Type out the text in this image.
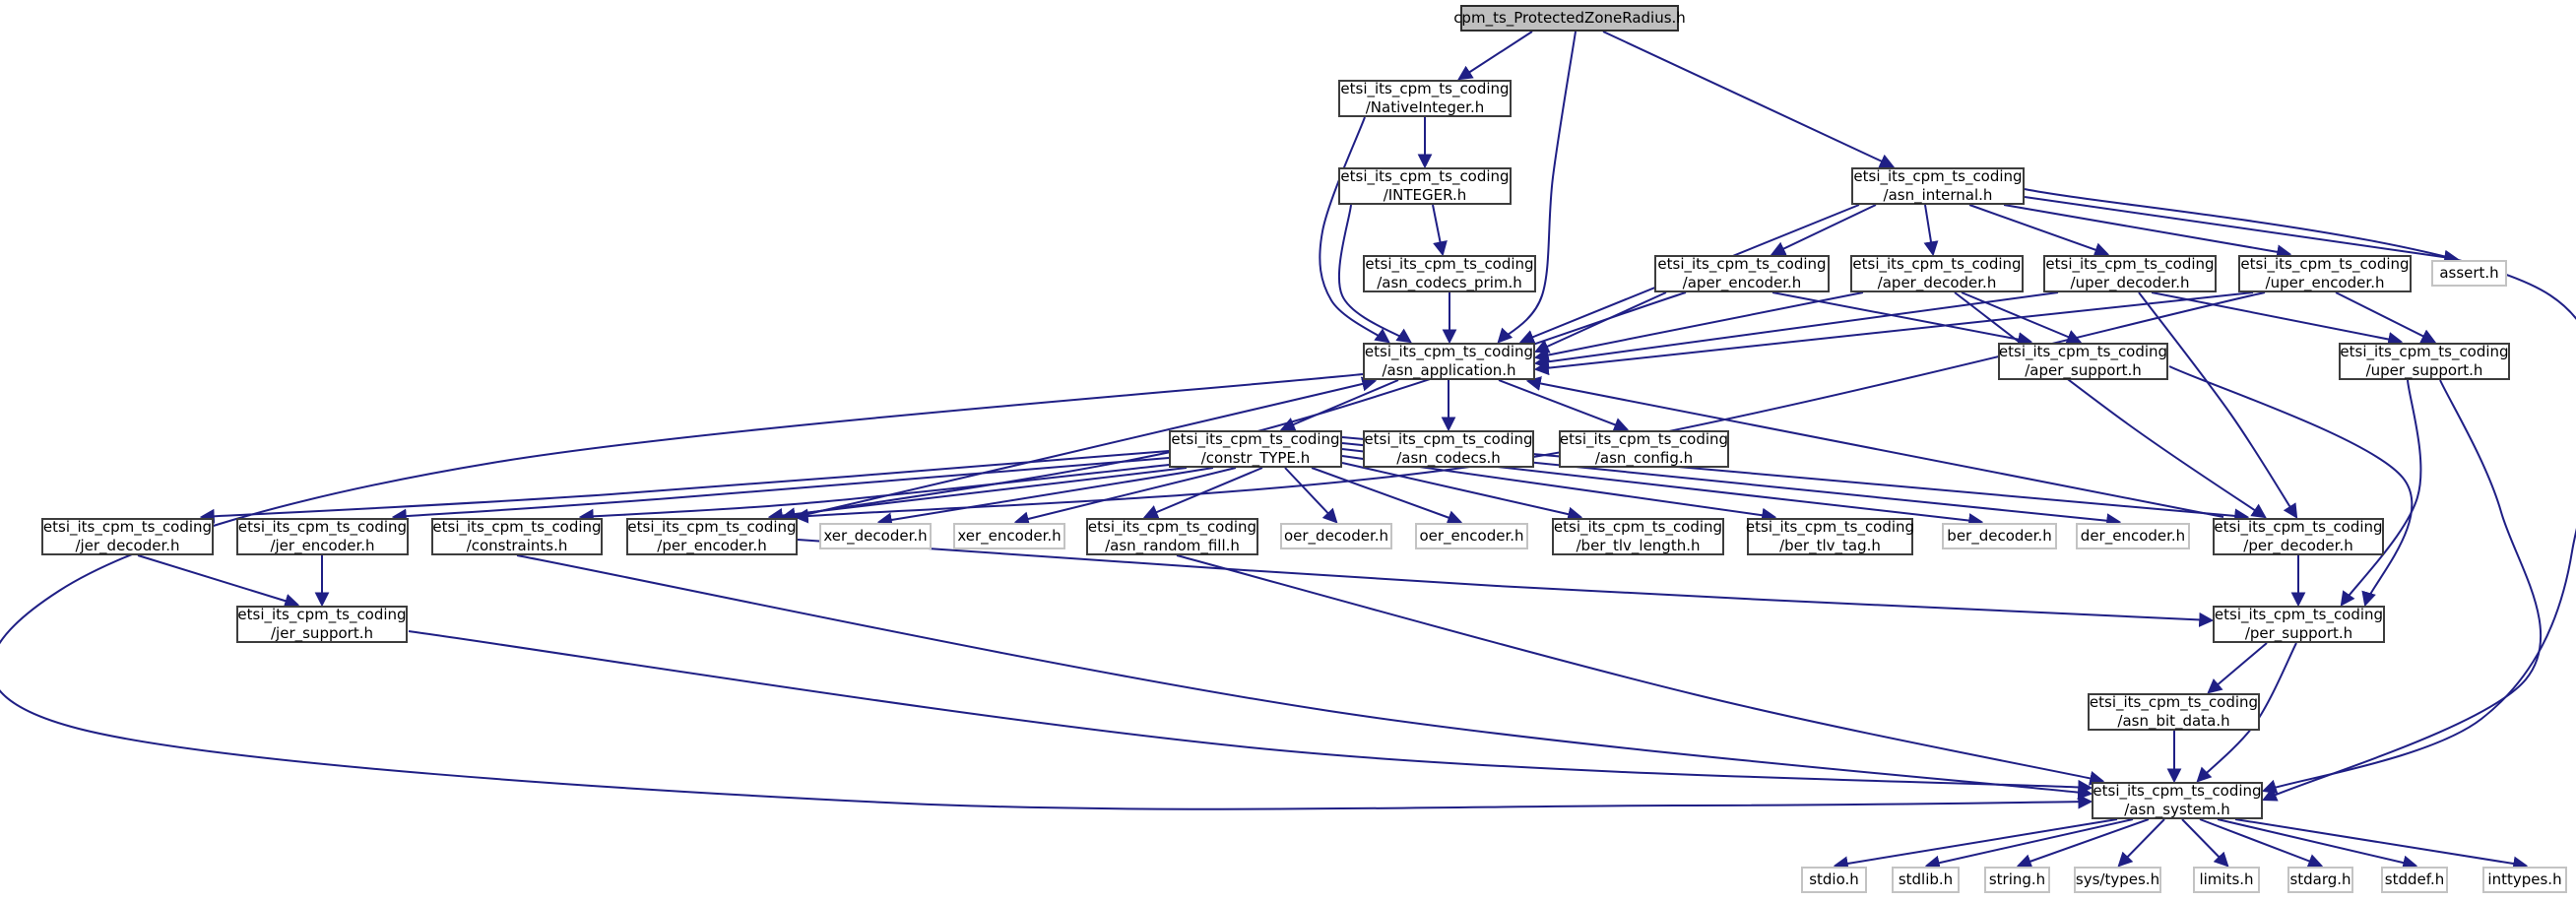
cpm_ts_ProtectedZoneRadius.h
etsi_its_cpm_ts_coding
/NativeInteger.h
etsi_its_cpm_ts_coding
/INTEGER.h
etsi_its_cpm_ts_coding
/asn_internal.h
etsi_its_cpm_ts_coding
/asn_codecs_prim.h
etsi_its_cpm_ts_coding
/aper_encoder.h
etsi_its_cpm_ts_coding
/aper_decoder.h
etsi_its_cpm_ts_coding
/uper_decoder.h
etsi_its_cpm_ts_coding
/uper_encoder.h
assert.h
etsi_its_cpm_ts_coding
/asn_application.h
etsi_its_cpm_ts_coding
/aper_support.h
etsi_its_cpm_ts_coding
/uper_support.h
etsi_its_cpm_ts_coding
/constr_TYPE.h
etsi_its_cpm_ts_coding
/asn_codecs.h
etsi_its_cpm_ts_coding
/asn_config.h
etsi_its_cpm_ts_coding
/jer_decoder.h
etsi_its_cpm_ts_coding
/jer_encoder.h
etsi_its_cpm_ts_coding
/constraints.h
etsi_its_cpm_ts_coding
/per_encoder.h
xer_decoder.h xer_encoder.h etsi_its_cpm_ts_coding
/asn_random_fill.h
oer_decoder.h oer_encoder.h etsi_its_cpm_ts_coding
/ber_tlv_length.h
etsi_its_cpm_ts_coding
/ber_tlv_tag.h
ber_decoder.h der_encoder.h etsi_its_cpm_ts_coding
/per_decoder.h
etsi_its_cpm_ts_coding
/jer_support.h
etsi_its_cpm_ts_coding
/per_support.h
etsi_its_cpm_ts_coding
/asn_bit_data.h
etsi_its_cpm_ts_coding
/asn_system.h
stdio.h	stdlib.h string.h sys/types.h	limits.h stdarg.h stddef.h	inttypes.h
